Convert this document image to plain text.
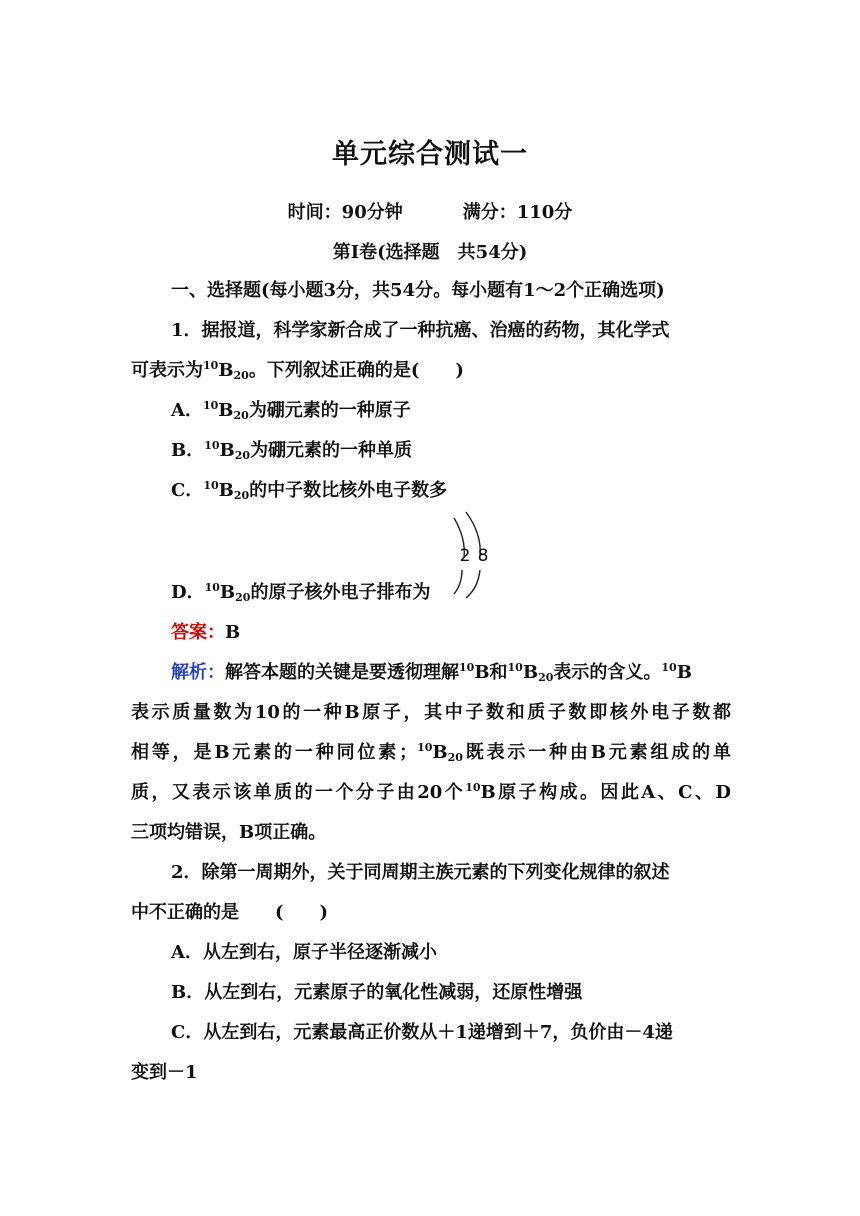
单元综合测试一
时间：90分钟	满分：110分
第Ⅰ卷(选择题　共54分)
一、选择题(每小题3分，共54分。每小题有1～2个正确选项)
1．据报道，科学家新合成了一种抗癌、治癌的药物，其化学式
可表示为$^{10}B_{20}$。下列叙述正确的是(　　)
A．$^{10}B_{20}$为硼元素的一种原子
B．$^{10}B_{20}$为硼元素的一种单质
C．$^{10}B_{20}$的中子数比核外电子数多
2 8
D．$^{10}B_{20}$的原子核外电子排布为
答案：B
解析：解答本题的关键是要透彻理解$^{10}$B和$^{10}B_{20}$表示的含义。$^{10}$B
表示质量数为10的一种B原子，其中子数和质子数即核外电子数都
相等，是B元素的一种同位素；$^{10}B_{20}$既表示一种由B元素组成的单
质，又表示该单质的一个分子由20个$^{10}$B原子构成。因此A、C、D
三项均错误，B项正确。
2．除第一周期外，关于同周期主族元素的下列变化规律的叙述
中不正确的是　　(　　)
A．从左到右，原子半径逐渐减小
B．从左到右，元素原子的氧化性减弱，还原性增强
C．从左到右，元素最高正价数从＋1递增到＋7，负价由－4递
变到－1
